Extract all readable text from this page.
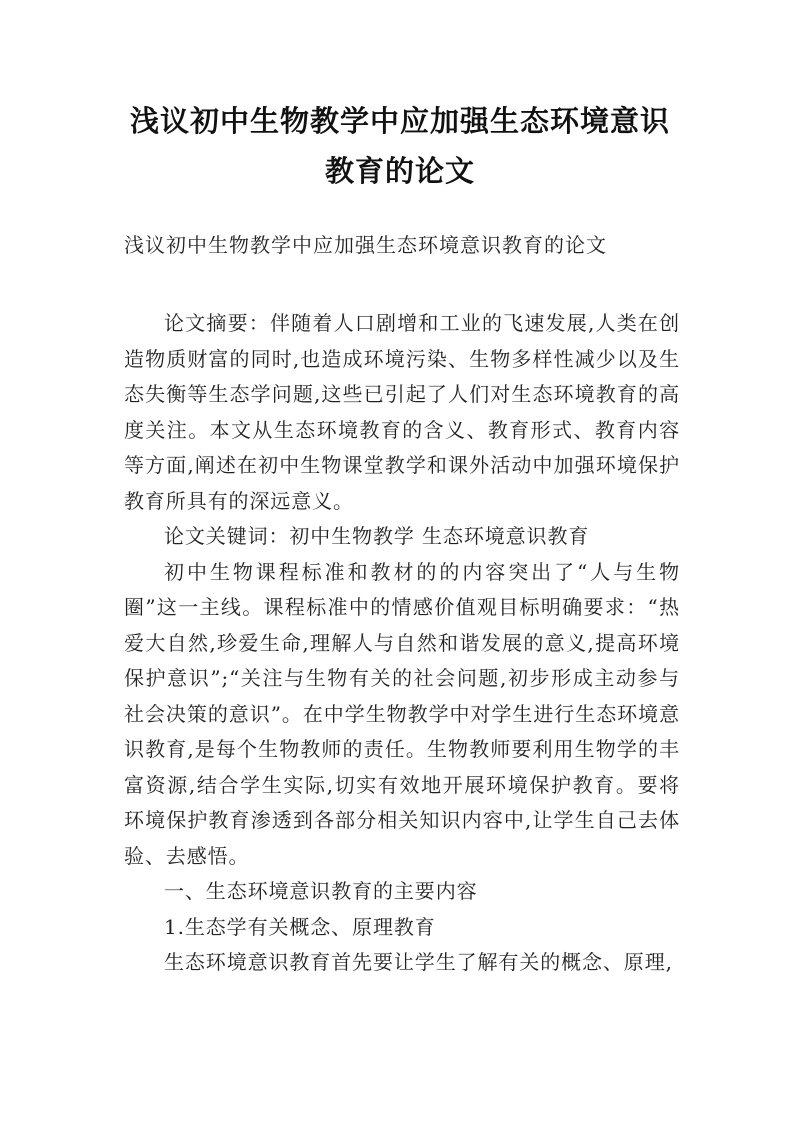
浅议初中生物教学中应加强生态环境意识
教育的论文
浅议初中生物教学中应加强生态环境意识教育的论文

论文摘要：伴随着人口剧增和工业的飞速发展,人类在创造物质财富的同时,也造成环境污染、生物多样性减少以及生态失衡等生态学问题,这些已引起了人们对生态环境教育的高度关注。本文从生态环境教育的含义、教育形式、教育内容等方面,阐述在初中生物课堂教学和课外活动中加强环境保护教育所具有的深远意义。

论文关键词：初中生物教学 生态环境意识教育

初中生物课程标准和教材的的内容突出了“人与生物圈”这一主线。课程标准中的情感价值观目标明确要求：“热爱大自然,珍爱生命,理解人与自然和谐发展的意义,提高环境保护意识”;“关注与生物有关的社会问题,初步形成主动参与社会决策的意识”。在中学生物教学中对学生进行生态环境意识教育,是每个生物教师的责任。生物教师要利用生物学的丰富资源,结合学生实际,切实有效地开展环境保护教育。要将环境保护教育渗透到各部分相关知识内容中,让学生自己去体验、去感悟。

一、生态环境意识教育的主要内容

1.生态学有关概念、原理教育

生态环境意识教育首先要让学生了解有关的概念、原理,
